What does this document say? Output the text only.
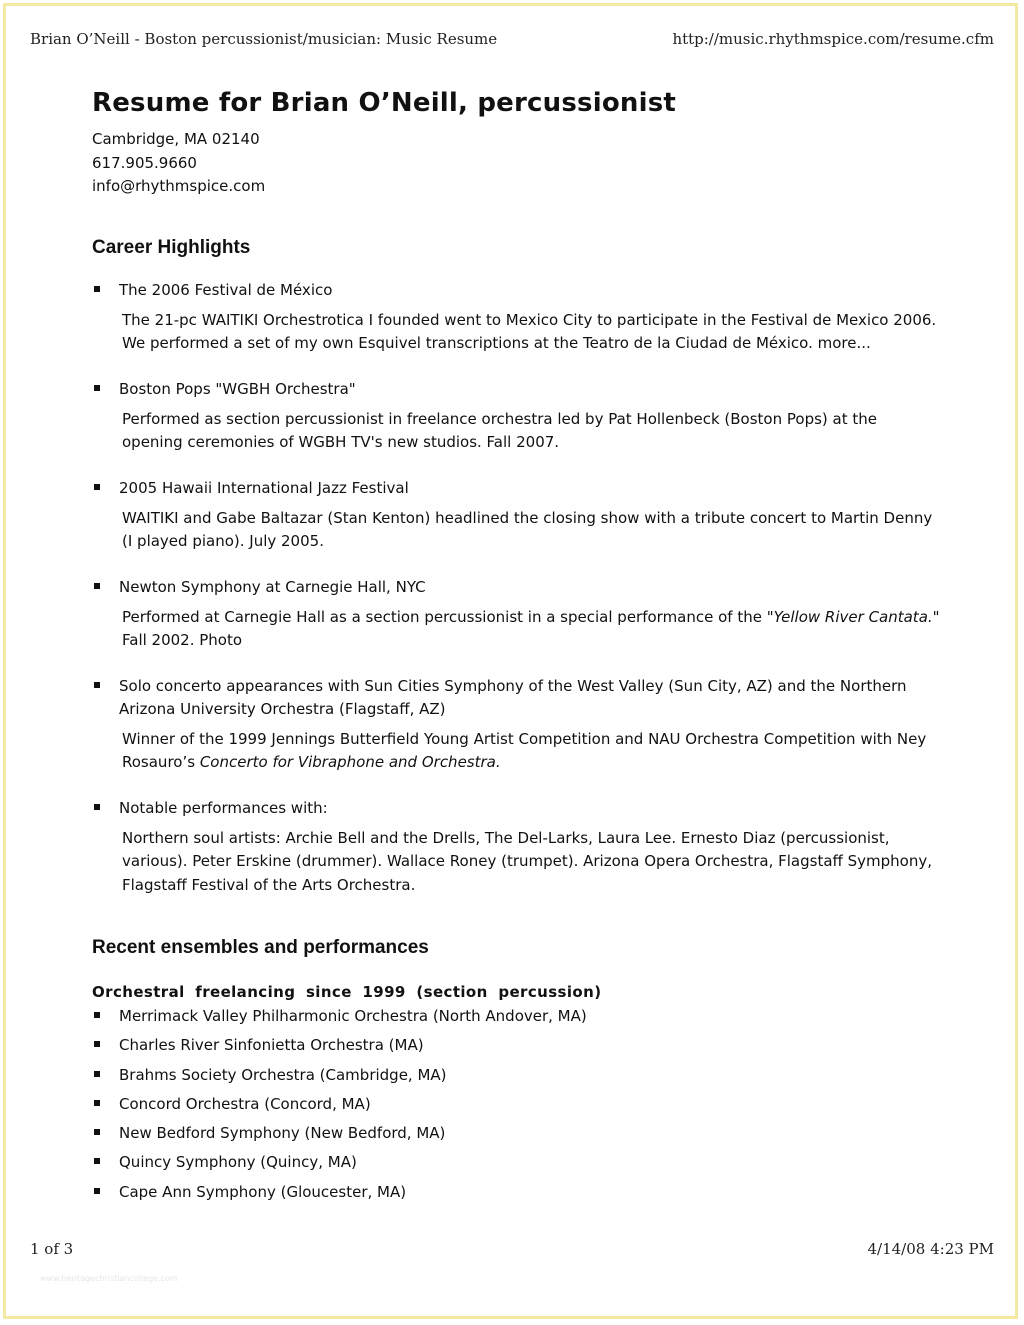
Brian O’Neill - Boston percussionist/musician: Music Resume	http://music.rhythmspice.com/resume.cfm
Resume for Brian O’Neill, percussionist
Cambridge, MA 02140
617.905.9660
info@rhythmspice.com
Career Highlights
The 2006 Festival de México
The 21-pc WAITIKI Orchestrotica I founded went to Mexico City to participate in the Festival de Mexico 2006. We performed a set of my own Esquivel transcriptions at the Teatro de la Ciudad de México. more...
Boston Pops "WGBH Orchestra"
Performed as section percussionist in freelance orchestra led by Pat Hollenbeck (Boston Pops) at the opening ceremonies of WGBH TV's new studios. Fall 2007.
2005 Hawaii International Jazz Festival
WAITIKI and Gabe Baltazar (Stan Kenton) headlined the closing show with a tribute concert to Martin Denny (I played piano). July 2005.
Newton Symphony at Carnegie Hall, NYC
Performed at Carnegie Hall as a section percussionist in a special performance of the "Yellow River Cantata." Fall 2002. Photo
Solo concerto appearances with Sun Cities Symphony of the West Valley (Sun City, AZ) and the Northern Arizona University Orchestra (Flagstaff, AZ)
Winner of the 1999 Jennings Butterfield Young Artist Competition and NAU Orchestra Competition with Ney Rosauro’s Concerto for Vibraphone and Orchestra.
Notable performances with:
Northern soul artists: Archie Bell and the Drells, The Del-Larks, Laura Lee. Ernesto Diaz (percussionist, various). Peter Erskine (drummer). Wallace Roney (trumpet). Arizona Opera Orchestra, Flagstaff Symphony, Flagstaff Festival of the Arts Orchestra.
Recent ensembles and performances
Orchestral freelancing since 1999 (section percussion)
Merrimack Valley Philharmonic Orchestra (North Andover, MA)
Charles River Sinfonietta Orchestra (MA)
Brahms Society Orchestra (Cambridge, MA)
Concord Orchestra (Concord, MA)
New Bedford Symphony (New Bedford, MA)
Quincy Symphony (Quincy, MA)
Cape Ann Symphony (Gloucester, MA)
1 of 3	4/14/08 4:23 PM
www.heritagechristiancollege.com
